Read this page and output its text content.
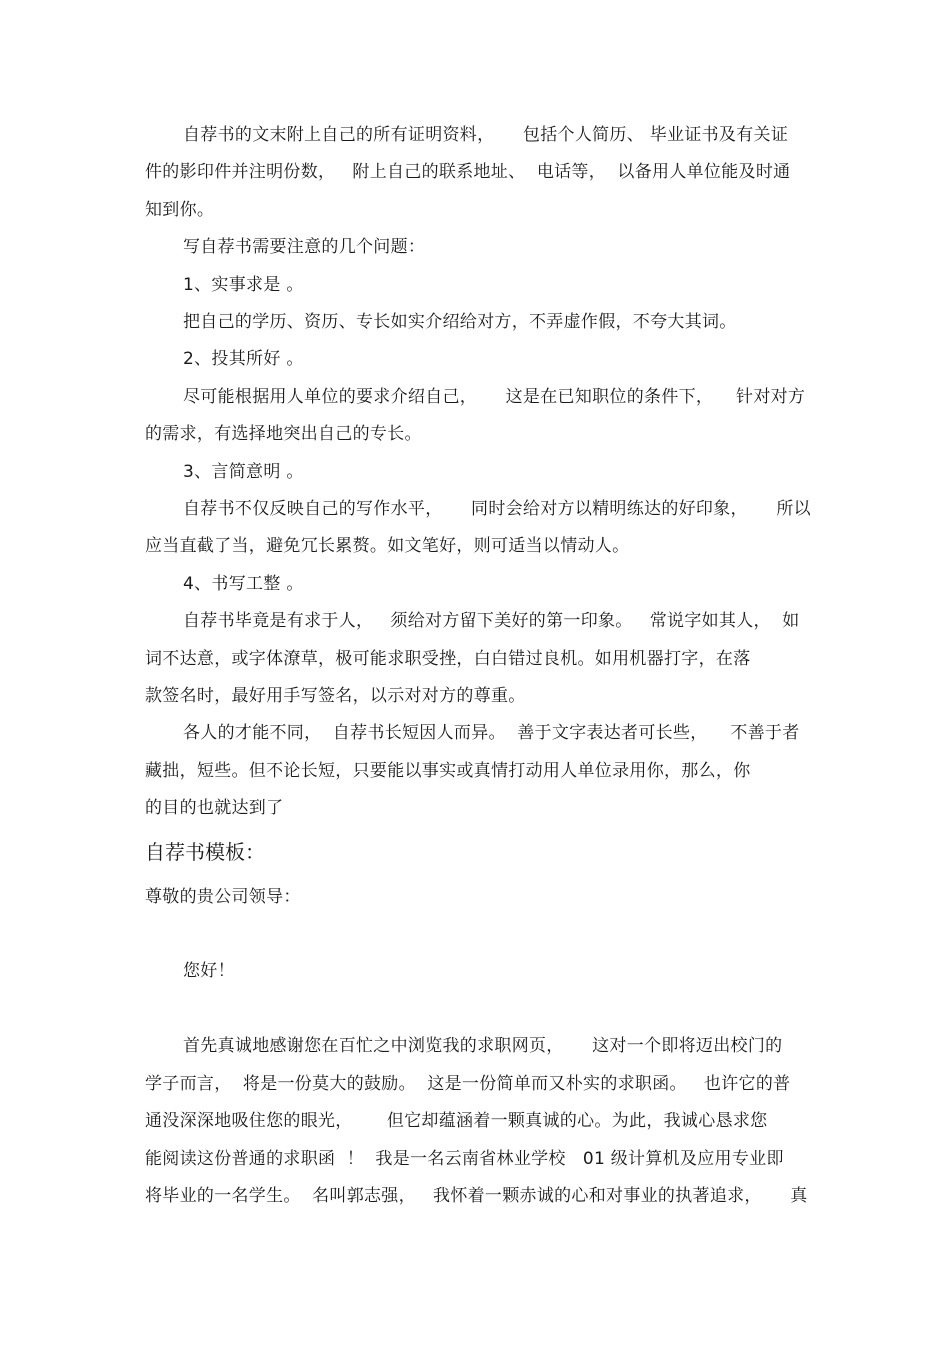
自荐书的文末附上自己的所有证明资料，     包括个人简历、 毕业证书及有关证
件的影印件并注明份数，   附上自己的联系地址、  电话等，  以备用人单位能及时通
知到你。
写自荐书需要注意的几个问题：
1、实事求是 。
把自己的学历、资历、专长如实介绍给对方，不弄虚作假，不夸大其词。
2、投其所好 。
尽可能根据用人单位的要求介绍自己，     这是在已知职位的条件下，    针对对方
的需求，有选择地突出自己的专长。
3、言简意明 。
自荐书不仅反映自己的写作水平，     同时会给对方以精明练达的好印象，     所以
应当直截了当，避免冗长累赘。如文笔好，则可适当以情动人。
4、书写工整 。
自荐书毕竟是有求于人，   须给对方留下美好的第一印象。   常说字如其人，  如
词不达意，或字体潦草，极可能求职受挫，白白错过良机。如用机器打字，在落
款签名时，最好用手写签名，以示对对方的尊重。
各人的才能不同，  自荐书长短因人而异。  善于文字表达者可长些，    不善于者
藏拙，短些。但不论长短，只要能以事实或真情打动用人单位录用你，那么，你
的目的也就达到了
自荐书模板：
尊敬的贵公司领导：
您好！
首先真诚地感谢您在百忙之中浏览我的求职网页，     这对一个即将迈出校门的
学子而言，  将是一份莫大的鼓励。  这是一份简单而又朴实的求职函。   也许它的普
通没深深地吸住您的眼光，      但它却蕴涵着一颗真诚的心。为此，我诚心恳求您
能阅读这份普通的求职函  ！  我是一名云南省林业学校   01 级计算机及应用专业即
将毕业的一名学生。  名叫郭志强，   我怀着一颗赤诚的心和对事业的执著追求，     真
